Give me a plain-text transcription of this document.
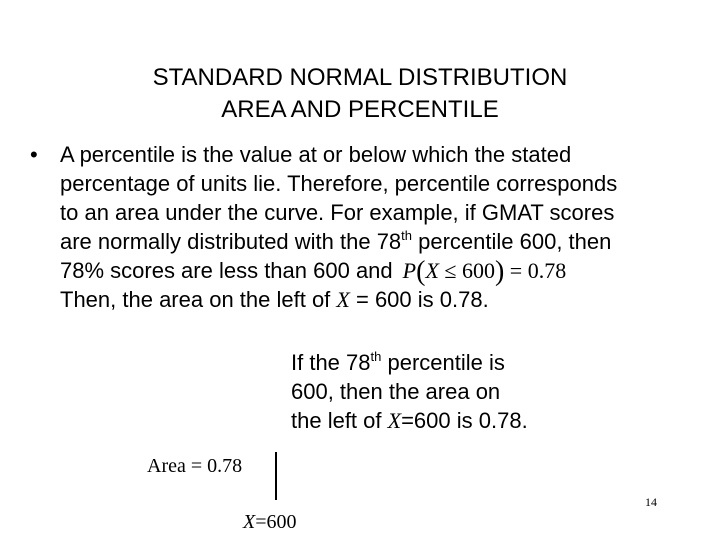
STANDARD NORMAL DISTRIBUTION
AREA AND PERCENTILE
• A percentile is the value at or below which the stated
percentage of units lie. Therefore, percentile corresponds
to an area under the curve. For example, if GMAT scores
are normally distributed with the 78th percentile 600, then
78% scores are less than 600 and P(X ≤ 600) = 0.78
Then, the area on the left of X = 600 is 0.78.
If the 78th percentile is
600, then the area on
the left of X=600 is 0.78.
Area = 0.78
X=600
14
